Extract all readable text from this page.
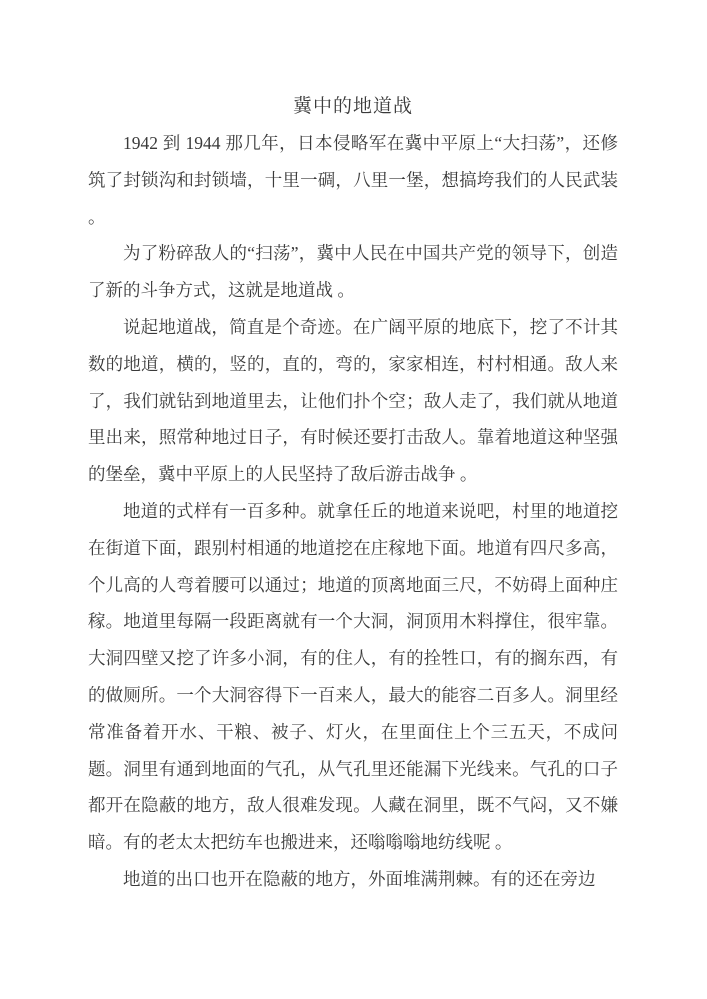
冀中的地道战

1942 到 1944 那几年，日本侵略军在冀中平原上“大扫荡”，还修筑了封锁沟和封锁墙，十里一碉，八里一堡，想搞垮我们的人民武装 。

为了粉碎敌人的“扫荡”，冀中人民在中国共产党的领导下，创造了新的斗争方式，这就是地道战 。

说起地道战，简直是个奇迹。在广阔平原的地底下，挖了不计其数的地道，横的，竖的，直的，弯的，家家相连，村村相通。敌人来了，我们就钻到地道里去，让他们扑个空；敌人走了，我们就从地道里出来，照常种地过日子，有时候还要打击敌人。靠着地道这种坚强的堡垒，冀中平原上的人民坚持了敌后游击战争 。

地道的式样有一百多种。就拿任丘的地道来说吧，村里的地道挖在街道下面，跟别村相通的地道挖在庄稼地下面。地道有四尺多高，个儿高的人弯着腰可以通过；地道的顶离地面三尺，不妨碍上面种庄稼。地道里每隔一段距离就有一个大洞，洞顶用木料撑住，很牢靠。大洞四壁又挖了许多小洞，有的住人，有的拴牲口，有的搁东西，有的做厕所。一个大洞容得下一百来人，最大的能容二百多人。洞里经常准备着开水、干粮、被子、灯火，在里面住上个三五天，不成问题。洞里有通到地面的气孔，从气孔里还能漏下光线来。气孔的口子都开在隐蔽的地方，敌人很难发现。人藏在洞里，既不气闷，又不嫌暗。有的老太太把纺车也搬进来，还嗡嗡嗡地纺线呢 。

地道的出口也开在隐蔽的地方，外面堆满荆棘。有的还在旁边
